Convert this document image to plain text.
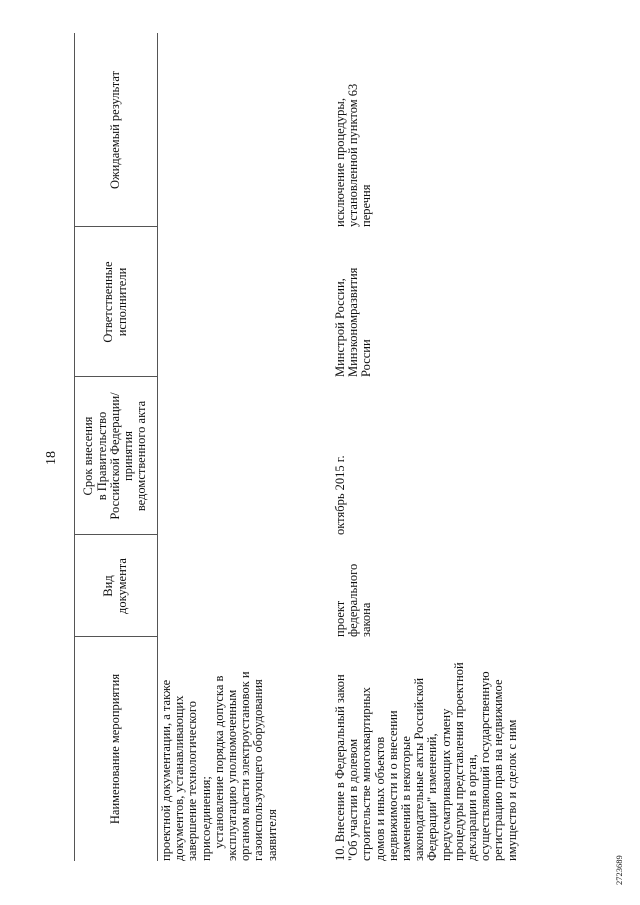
18
2723689
Наименование мероприятия
Вид
документа
Срок внесения
в Правительство
Российской Федерации/
принятия
ведомственного акта
Ответственные
исполнители
Ожидаемый результат
проектной документации, а также
документов, устанавливающих
завершение технологического
присоединения;
установление порядка допуска в
эксплуатацию уполномоченным
органом власти электроустановок и
газоиспользующего оборудования
заявителя	10. Внесение в Федеральный закон
"Об участии в долевом
строительстве многоквартирных
домов и иных объектов
недвижимости и о внесении
изменений в некоторые
законодательные акты Российской
Федерации" изменений,
предусматривающих отмену
процедуры представления проектной
декларации в орган,
осуществляющий государственную
регистрацию прав на недвижимое
имущество и сделок с ним
проект
федерального
закона
октябрь 2015 г.
Минстрой России,
Минэкономразвития
России
исключение процедуры,
установленной пунктом 63
перечня
